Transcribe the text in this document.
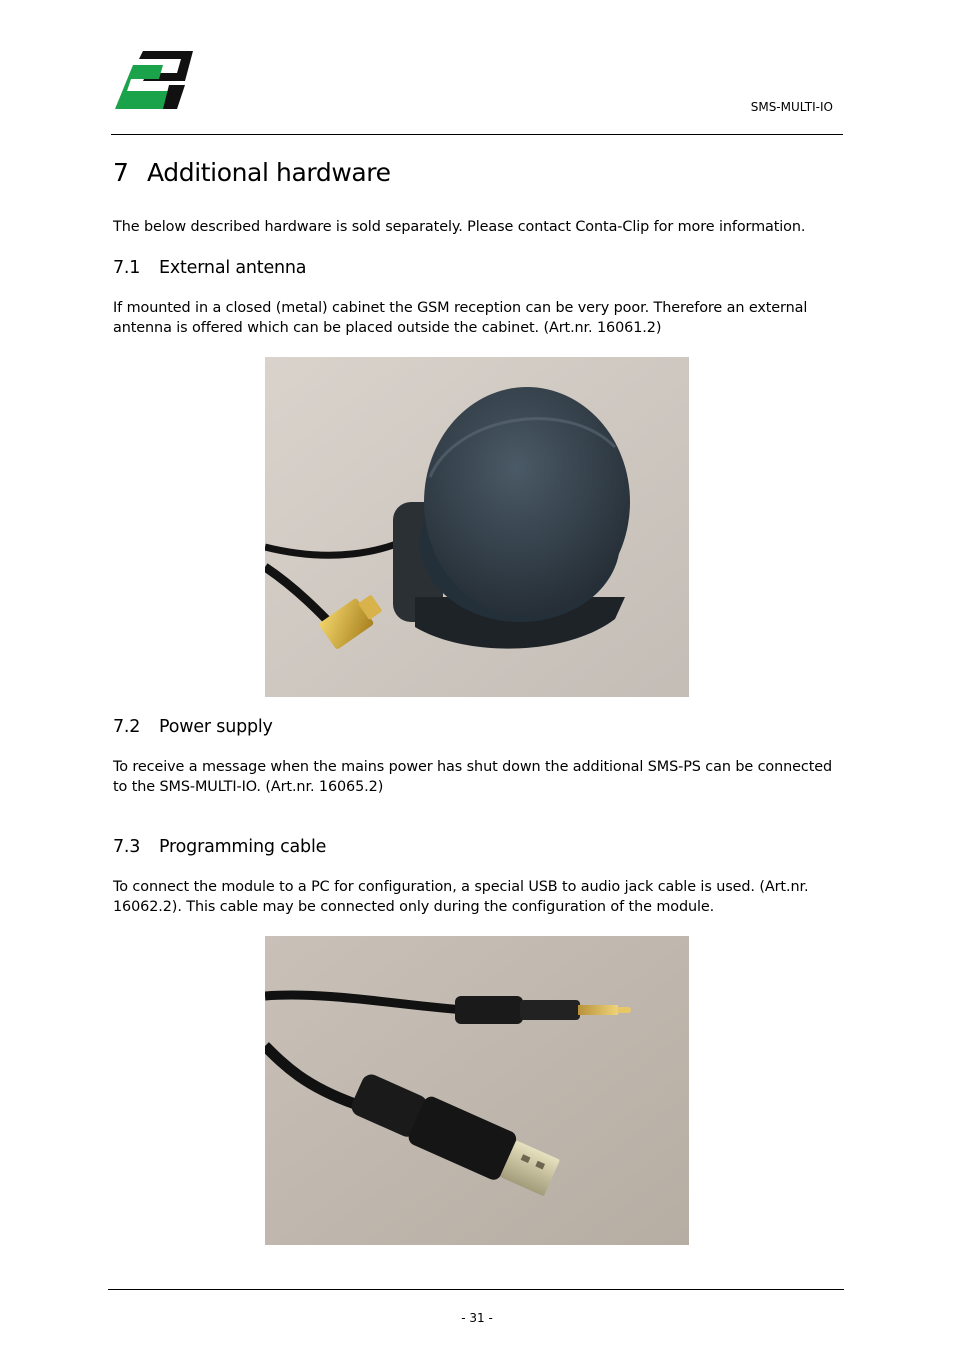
SMS-MULTI-IO
7 Additional hardware

The below described hardware is sold separately. Please contact Conta-Clip for more information.

7.1 External antenna

If mounted in a closed (metal) cabinet the GSM reception can be very poor. Therefore an external antenna is offered which can be placed outside the cabinet. (Art.nr. 16061.2)

7.2 Power supply

To receive a message when the mains power has shut down the additional SMS-PS can be connected to the SMS-MULTI-IO. (Art.nr. 16065.2)

7.3 Programming cable

To connect the module to a PC for configuration, a special USB to audio jack cable is used. (Art.nr. 16062.2). This cable may be connected only during the configuration of the module.

- 31 -
